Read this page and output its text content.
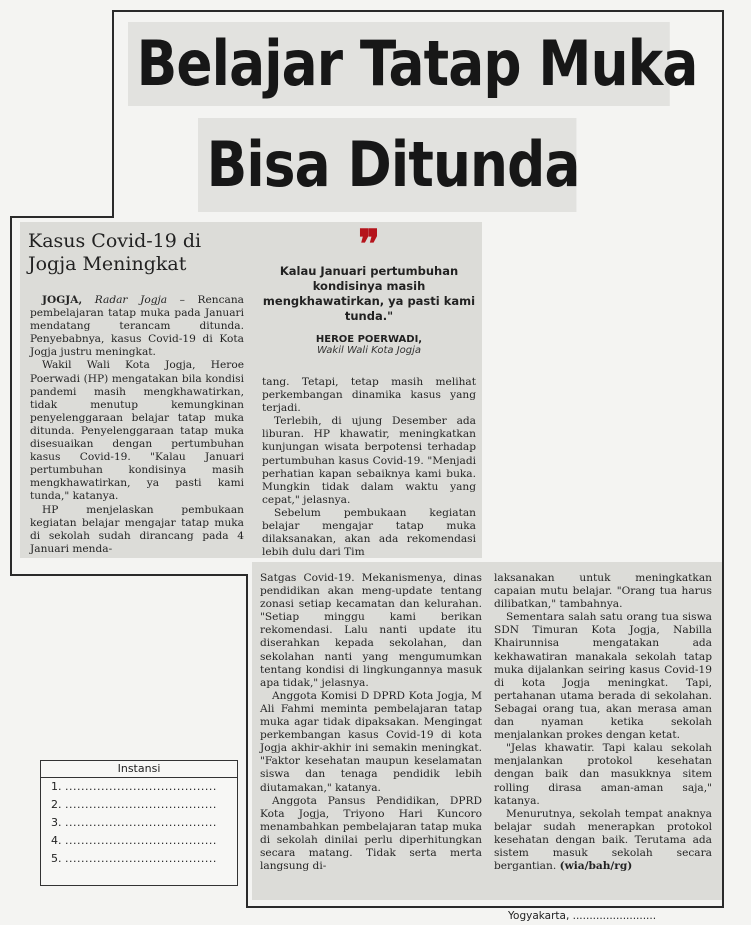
Belajar Tatap Muka
Bisa Ditunda
Kasus Covid-19 di Jogja Meningkat

JOGJA, Radar Jogja – Rencana pembelajaran tatap muka pada Januari mendatang terancam ditunda. Penyebabnya, kasus Covid-19 di Kota Jogja justru meningkat.

Wakil Wali Kota Jogja, Heroe Poerwadi (HP) mengatakan bila kondisi pandemi masih mengkhawatirkan, tidak menutup kemungkinan penyelenggaraan belajar tatap muka ditunda. Penyelenggaraan tatap muka disesuaikan dengan pertumbuhan kasus Covid-19. "Kalau Januari pertumbuhan kondisinya masih mengkhawatirkan, ya pasti kami tunda," katanya.

HP menjelaskan pembukaan kegiatan belajar mengajar tatap muka di sekolah sudah dirancang pada 4 Januari menda-

❞
Kalau Januari pertumbuhan kondisinya masih mengkhawatirkan, ya pasti kami tunda."
HEROE POERWADI,
Wakil Wali Kota Jogja

tang. Tetapi, tetap masih melihat perkembangan dinamika kasus yang terjadi.

Terlebih, di ujung Desember ada liburan. HP khawatir, meningkatkan kunjungan wisata berpotensi terhadap pertumbuhan kasus Covid-19. "Menjadi perhatian kapan sebaiknya kami buka. Mungkin tidak dalam waktu yang cepat," jelasnya.

Sebelum pembukaan kegiatan belajar mengajar tatap muka dilaksanakan, akan ada rekomendasi lebih dulu dari Tim

Satgas Covid-19. Mekanismenya, dinas pendidikan akan meng-update tentang zonasi setiap kecamatan dan kelurahan. "Setiap minggu kami berikan rekomendasi. Lalu nanti update itu diserahkan kepada sekolahan, dan sekolahan nanti yang mengumumkan tentang kondisi di lingkungannya masuk apa tidak," jelasnya.

Anggota Komisi D DPRD Kota Jogja, M Ali Fahmi meminta pembelajaran tatap muka agar tidak dipaksakan. Mengingat perkembangan kasus Covid-19 di kota Jogja akhir-akhir ini semakin meningkat. "Faktor kesehatan maupun keselamatan siswa dan tenaga pendidik lebih diutamakan," katanya.

Anggota Pansus Pendidikan, DPRD Kota Jogja, Triyono Hari Kuncoro menambahkan pembelajaran tatap muka di sekolah dinilai perlu diperhitungkan secara matang. Tidak serta merta langsung di-

laksanakan untuk meningkatkan capaian mutu belajar. "Orang tua harus dilibatkan," tambahnya.

Sementara salah satu orang tua siswa SDN Timuran Kota Jogja, Nabilla Khairunnisa mengatakan ada kekhawatiran manakala sekolah tatap muka dijalankan seiring kasus Covid-19 di kota Jogja meningkat. Tapi, pertahanan utama berada di sekolahan. Sebagai orang tua, akan merasa aman dan nyaman ketika sekolah menjalankan prokes dengan ketat.

"Jelas khawatir. Tapi kalau sekolah menjalankan protokol kesehatan dengan baik dan masukknya sitem rolling dirasa aman-aman saja," katanya.

Menurutnya, sekolah tempat anaknya belajar sudah menerapkan protokol kesehatan dengan baik. Terutama ada sistem masuk sekolah secara bergantian. (wia/bah/rg)

Instansi
1. ......................................
2. ......................................
3. ......................................
4. ......................................
5. ......................................
Yogyakarta, .........................
